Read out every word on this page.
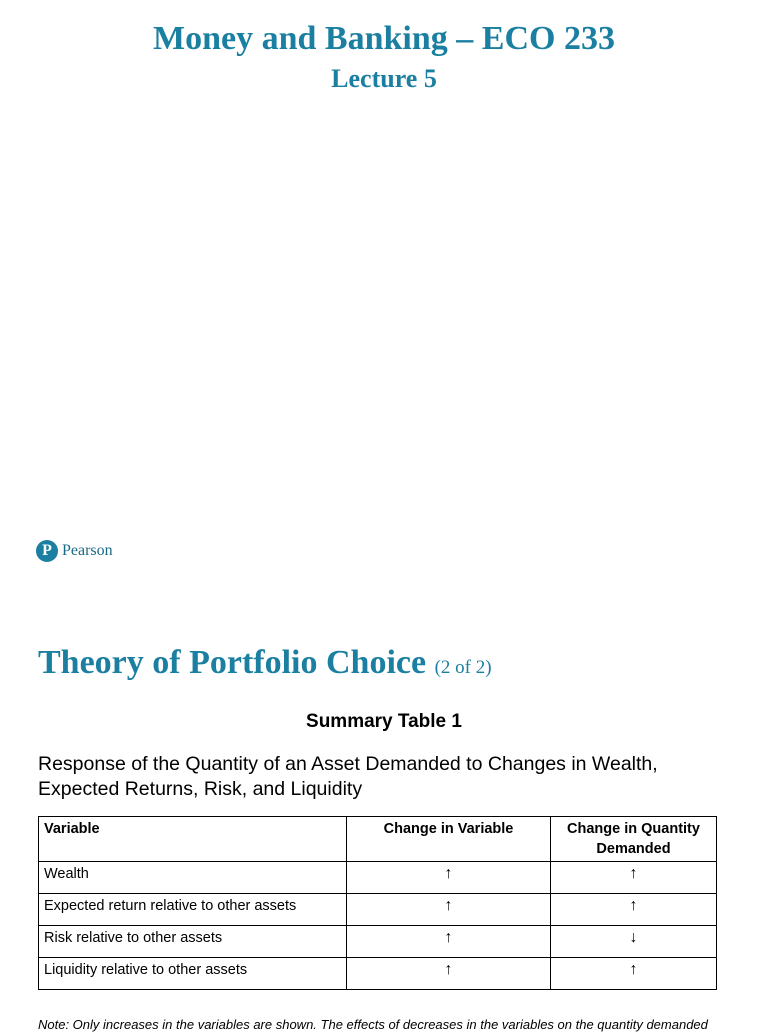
Money and Banking – ECO 233
Lecture 5
P Pearson
Theory of Portfolio Choice (2 of 2)
Summary Table 1
Response of the Quantity of an Asset Demanded to Changes in Wealth, Expected Returns, Risk, and Liquidity
Variable	Change in Variable	Change in Quantity Demanded
Wealth	↑	↑
Expected return relative to other assets	↑	↑
Risk relative to other assets	↑	↓
Liquidity relative to other assets	↑	↑
Note: Only increases in the variables are shown. The effects of decreases in the variables on the quantity demanded
